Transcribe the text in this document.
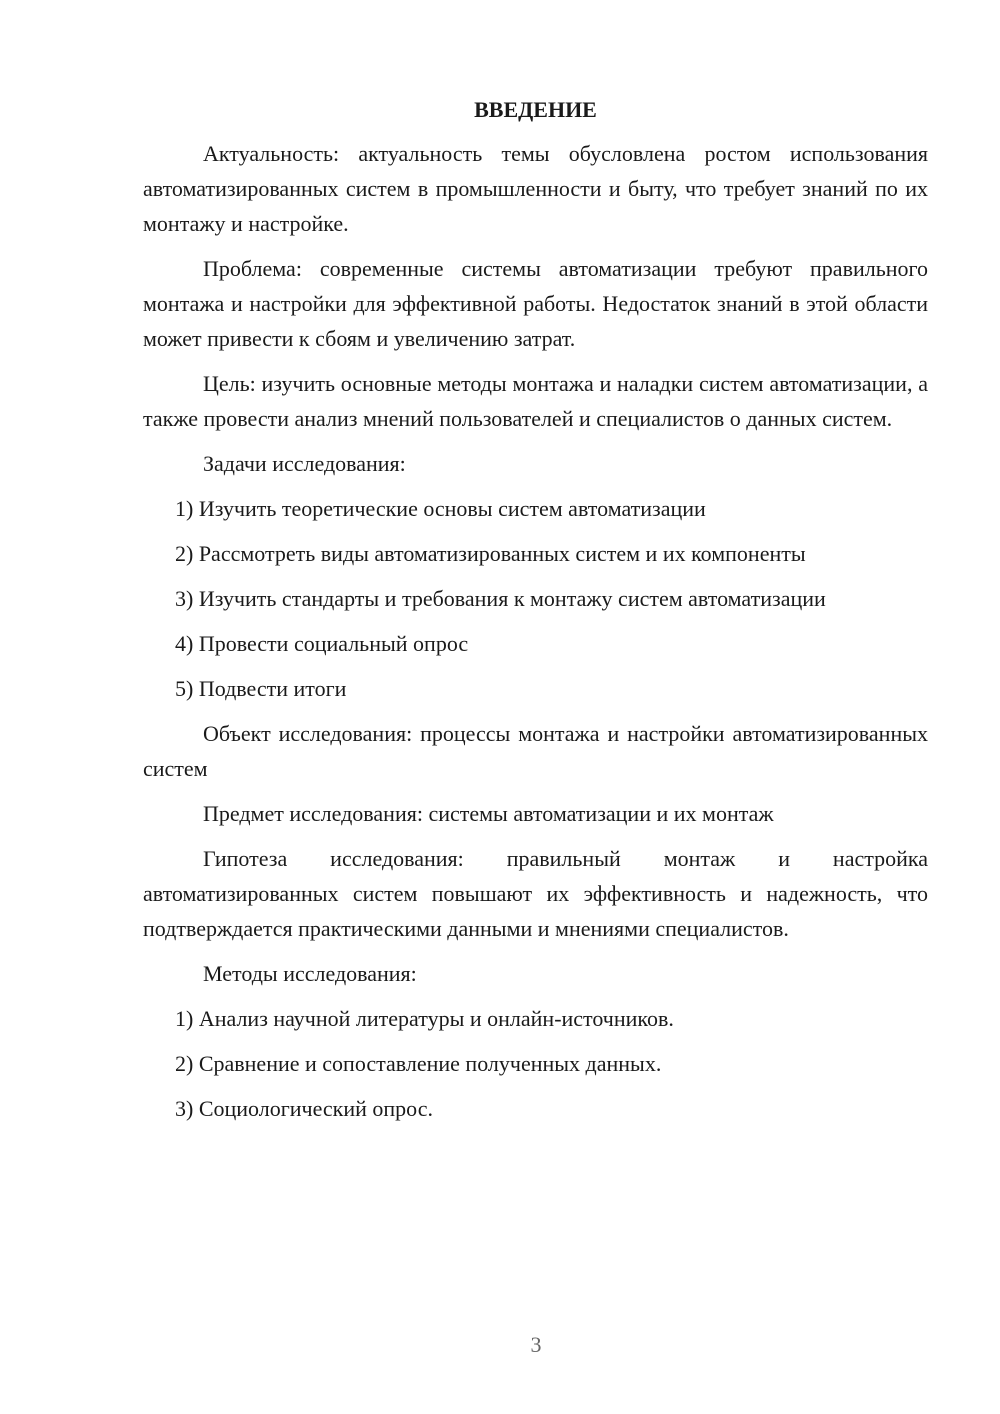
ВВЕДЕНИЕ

Актуальность: актуальность темы обусловлена ростом использования автоматизированных систем в промышленности и быту, что требует знаний по их монтажу и настройке.

Проблема: современные системы автоматизации требуют правильного монтажа и настройки для эффективной работы. Недостаток знаний в этой области может привести к сбоям и увеличению затрат.

Цель: изучить основные методы монтажа и наладки систем автоматизации, а также провести анализ мнений пользователей и специалистов о данных систем.

Задачи исследования:

1) Изучить теоретические основы систем автоматизации
2) Рассмотреть виды автоматизированных систем и их компоненты
3) Изучить стандарты и требования к монтажу систем автоматизации
4) Провести социальный опрос
5) Подвести итоги

Объект исследования: процессы монтажа и настройки автоматизированных систем

Предмет исследования: системы автоматизации и их монтаж

Гипотеза исследования: правильный монтаж и настройка автоматизированных систем повышают их эффективность и надежность, что подтверждается практическими данными и мнениями специалистов.

Методы исследования:

1) Анализ научной литературы и онлайн-источников.
2) Сравнение и сопоставление полученных данных.
3) Социологический опрос.
3
